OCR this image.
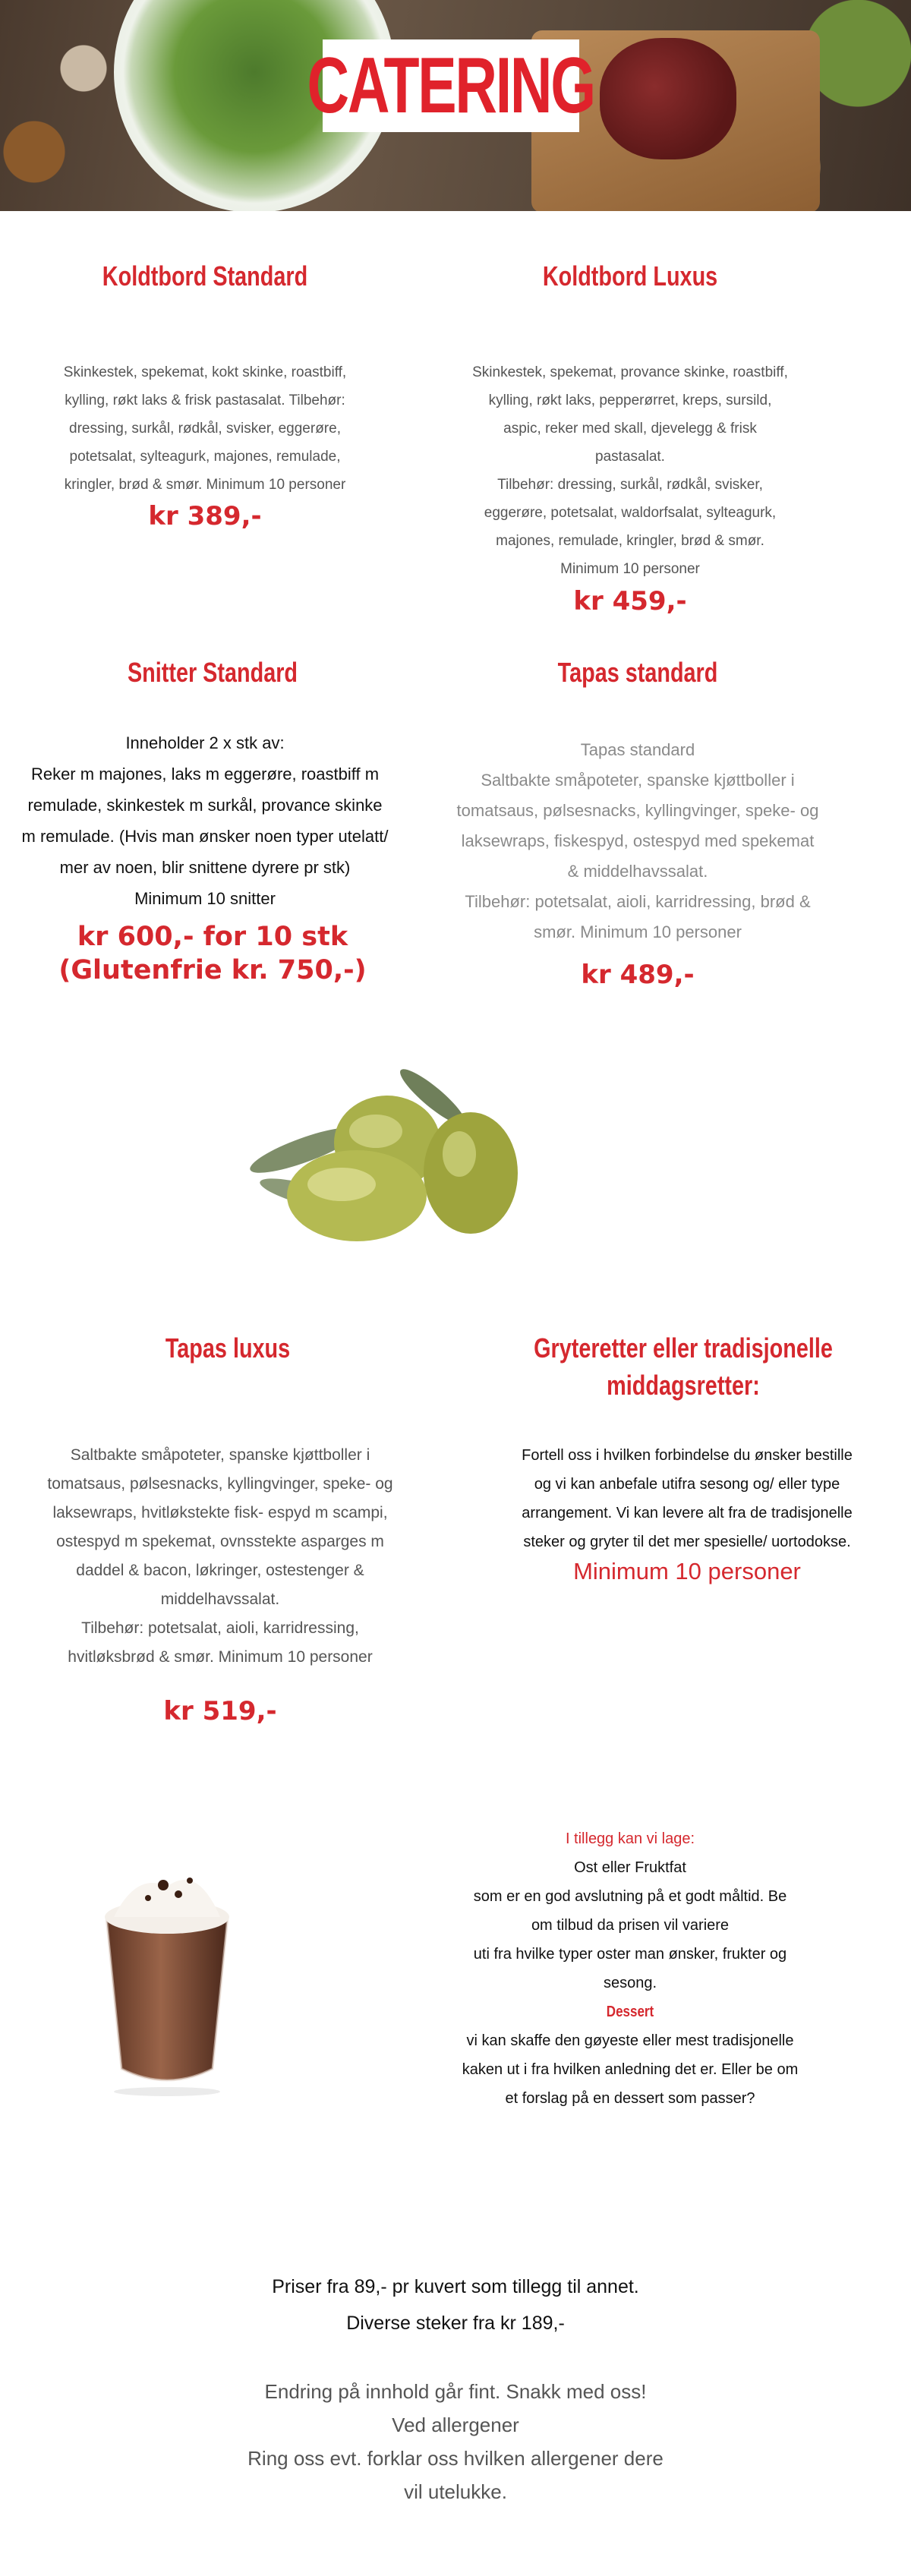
CATERING
Koldtbord Standard
Skinkestek, spekemat, kokt skinke, roastbiff,
kylling, røkt laks & frisk pastasalat. Tilbehør:
dressing, surkål, rødkål, svisker, eggerøre,
potetsalat, sylteagurk, majones, remulade,
kringler, brød & smør. Minimum 10 personer
kr 389,-
Koldtbord Luxus
Skinkestek, spekemat, provance skinke, roastbiff,
kylling, røkt laks, pepperørret, kreps, sursild,
aspic, reker med skall, djevelegg & frisk
pastasalat.
Tilbehør: dressing, surkål, rødkål, svisker,
eggerøre, potetsalat, waldorfsalat, sylteagurk,
majones, remulade, kringler, brød & smør.
Minimum 10 personer
kr 459,-
Snitter Standard
Inneholder 2 x stk av:
Reker m majones, laks m eggerøre, roastbiff m
remulade, skinkestek m surkål, provance skinke
m remulade. (Hvis man ønsker noen typer utelatt/
mer av noen, blir snittene dyrere pr stk)
Minimum 10 snitter
kr 600,- for 10 stk
(Glutenfrie kr. 750,-)
Tapas standard
Tapas standard
Saltbakte småpoteter, spanske kjøttboller i
tomatsaus, pølsesnacks, kyllingvinger, speke- og
laksewraps, fiskespyd, ostespyd med spekemat
& middelhavssalat.
Tilbehør: potetsalat, aioli, karridressing, brød &
smør. Minimum 10 personer
kr 489,-
Tapas luxus
Saltbakte småpoteter, spanske kjøttboller i
tomatsaus, pølsesnacks, kyllingvinger, speke- og
laksewraps, hvitløkstekte fisk- espyd m scampi,
ostespyd m spekemat, ovnsstekte asparges m
daddel & bacon, løkringer, ostestenger &
middelhavssalat.
Tilbehør: potetsalat, aioli, karridressing,
hvitløksbrød & smør. Minimum 10 personer
kr 519,-
Gryteretter eller tradisjonelle
middagsretter:
Fortell oss i hvilken forbindelse du ønsker bestille
og vi kan anbefale utifra sesong og/ eller type
arrangement. Vi kan levere alt fra de tradisjonelle
steker og gryter til det mer spesielle/ uortodokse.
Minimum 10 personer
I tillegg kan vi lage:
Ost eller Fruktfat
som er en god avslutning på et godt måltid. Be
om tilbud da prisen vil variere
uti fra hvilke typer oster man ønsker, frukter og
sesong.
Dessert
vi kan skaffe den gøyeste eller mest tradisjonelle
kaken ut i fra hvilken anledning det er. Eller be om
et forslag på en dessert som passer?
Priser fra 89,- pr kuvert som tillegg til annet.
Diverse steker fra kr 189,-
Endring på innhold går fint. Snakk med oss!
Ved allergener
Ring oss evt. forklar oss hvilken allergener dere
vil utelukke.
